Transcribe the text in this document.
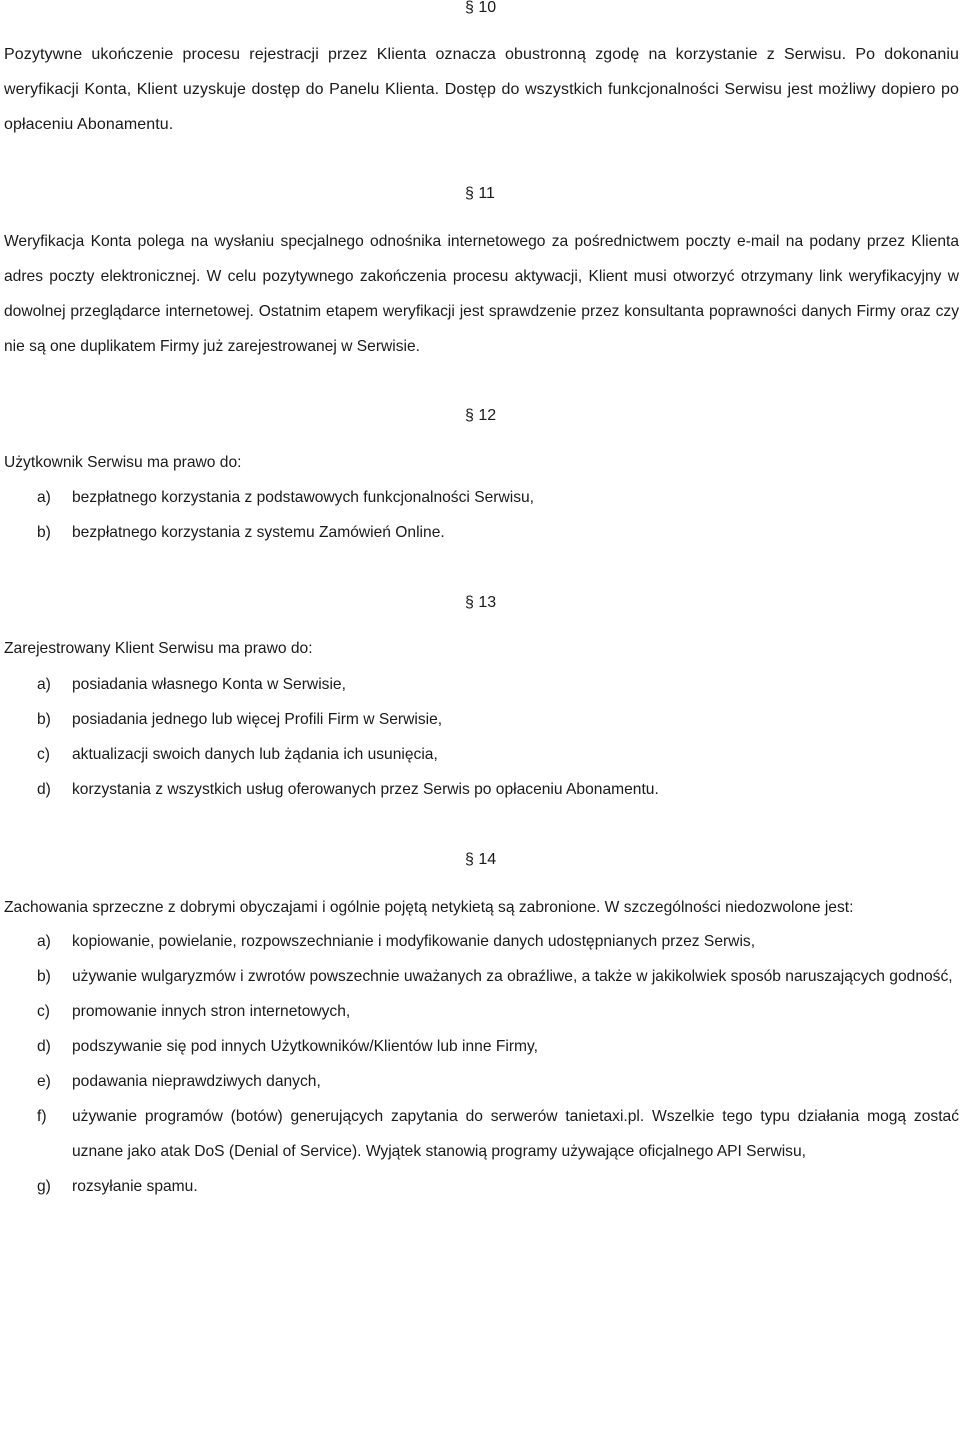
§ 10

Pozytywne ukończenie procesu rejestracji przez Klienta oznacza obustronną zgodę na korzystanie z Serwisu. Po dokonaniu weryfikacji Konta, Klient uzyskuje dostęp do Panelu Klienta. Dostęp do wszystkich funkcjonalności Serwisu jest możliwy dopiero po opłaceniu Abonamentu.

§ 11

Weryfikacja Konta polega na wysłaniu specjalnego odnośnika internetowego za pośrednictwem poczty e-mail na podany przez Klienta adres poczty elektronicznej. W celu pozytywnego zakończenia procesu aktywacji, Klient musi otworzyć otrzymany link weryfikacyjny w dowolnej przeglądarce internetowej. Ostatnim etapem weryfikacji jest sprawdzenie przez konsultanta poprawności danych Firmy oraz czy nie są one duplikatem Firmy już zarejestrowanej w Serwisie.

§ 12

Użytkownik Serwisu ma prawo do:

a) bezpłatnego korzystania z podstawowych funkcjonalności Serwisu,
b) bezpłatnego korzystania z systemu Zamówień Online.
§ 13

Zarejestrowany Klient Serwisu ma prawo do:

a) posiadania własnego Konta w Serwisie,
b) posiadania jednego lub więcej Profili Firm w Serwisie,
c) aktualizacji swoich danych lub żądania ich usunięcia,
d) korzystania z wszystkich usług oferowanych przez Serwis po opłaceniu Abonamentu.
§ 14

Zachowania sprzeczne z dobrymi obyczajami i ogólnie pojętą netykietą są zabronione. W szczególności niedozwolone jest:

a) kopiowanie, powielanie, rozpowszechnianie i modyfikowanie danych udostępnianych przez Serwis,
b) używanie wulgaryzmów i zwrotów powszechnie uważanych za obraźliwe, a także w jakikolwiek sposób naruszających godność,
c) promowanie innych stron internetowych,
d) podszywanie się pod innych Użytkowników/Klientów lub inne Firmy,
e) podawania nieprawdziwych danych,
f) używanie programów (botów) generujących zapytania do serwerów tanietaxi.pl. Wszelkie tego typu działania mogą zostać uznane jako atak DoS (Denial of Service). Wyjątek stanowią programy używające oficjalnego API Serwisu,
g) rozsyłanie spamu.
